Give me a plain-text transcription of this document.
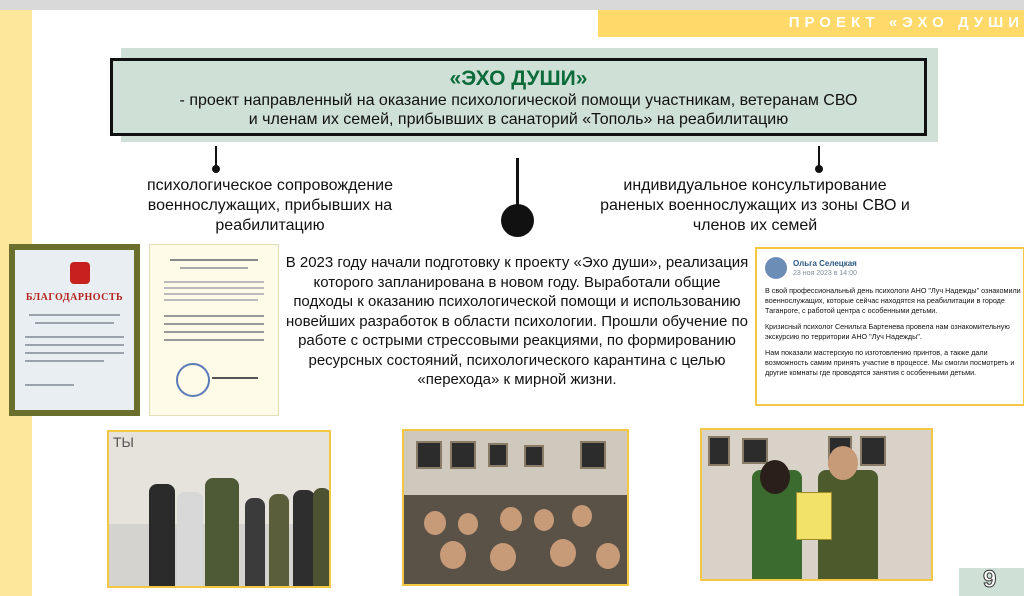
ПРОЕКТ «ЭХО ДУШИ
«ЭХО ДУШИ»
- проект направленный на оказание психологической помощи участникам, ветеранам СВО и членам их семей, прибывших в санаторий «Тополь» на реабилитацию
психологическое сопровождение военнослужащих, прибывших на реабилитацию
индивидуальное консультирование раненых военнослужащих из зоны СВО и членов их семей
В 2023 году начали подготовку к проекту «Эхо души», реализация которого запланирована в новом году. Выработали общие подходы к оказанию психологической помощи и использованию новейших разработок в области психологии. Прошли обучение по работе с острыми стрессовыми реакциями, по формированию ресурсных состояний, психологического карантина с целью «перехода» к мирной жизни.
БЛАГОДАРНОСТЬ
Ольга Селецкая
23 ноя 2023 в 14:00

В свой профессиональный день психологи АНО "Луч Надежды" ознакомили военнослужащих, которые сейчас находятся на реабилитации в городе Таганроге, с работой центра с особенными детьми.

Кризисный психолог Сенильга Бартенева провела нам ознакомительную экскурсию по территории АНО "Луч Надежды".

Нам показали мастерскую по изготовлению принтов, а также дали возможность самим принять участие в процессе. Мы смогли посмотреть и другие комнаты где проводятся занятия с особенными детьми.

ТЫ
9
